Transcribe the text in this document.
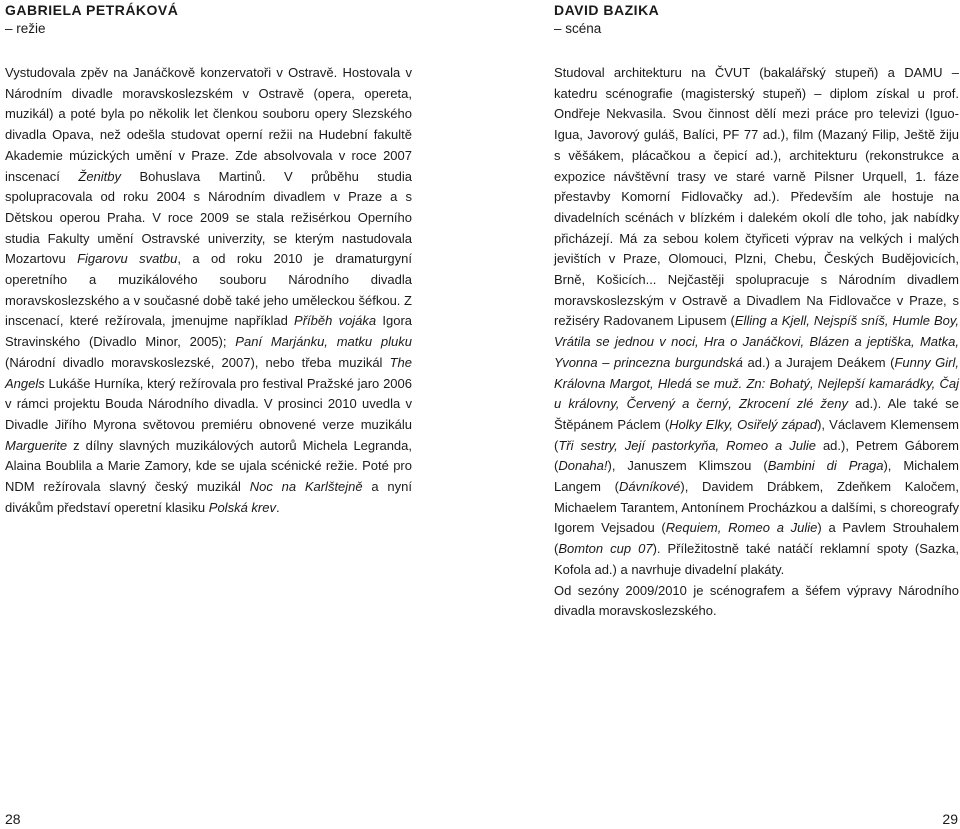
GABRIELA PETRÁKOVÁ

– režie

Vystudovala zpěv na Janáčkově konzervatoři v Ostravě. Hostovala v Národním divadle moravskoslezském v Ostravě (opera, opereta, muzikál) a poté byla po několik let členkou souboru opery Slezského divadla Opava, než odešla studovat operní režii na Hudební fakultě Akademie múzických umění v Praze. Zde absolvovala v roce 2007 inscenací Ženitby Bohuslava Martinů. V průběhu studia spolupracovala od roku 2004 s Národním divadlem v Praze a s Dětskou operou Praha. V roce 2009 se stala režisérkou Operního studia Fakulty umění Ostravské univerzity, se kterým nastudovala Mozartovu Figarovu svatbu, a od roku 2010 je dramaturgyní operetního a muzikálového souboru Národního divadla moravskoslezského a v současné době také jeho uměleckou šéfkou. Z inscenací, které režírovala, jmenujme například Příběh vojáka Igora Stravinského (Divadlo Minor, 2005); Paní Marjánku, matku pluku (Národní divadlo moravskoslezské, 2007), nebo třeba muzikál The Angels Lukáše Hurníka, který režírovala pro festival Pražské jaro 2006 v rámci projektu Bouda Národního divadla. V prosinci 2010 uvedla v Divadle Jiřího Myrona světovou premiéru obnovené verze muzikálu Marguerite z dílny slavných muzikálových autorů Michela Legranda, Alaina Boublila a Marie Zamory, kde se ujala scénické režie. Poté pro NDM režírovala slavný český muzikál Noc na Karlštejně a nyní divákům představí operetní klasiku Polská krev.

DAVID BAZIKA

– scéna

Studoval architekturu na ČVUT (bakalářský stupeň) a DAMU – katedru scénografie (magisterský stupeň) – diplom získal u prof. Ondřeje Nekvasila. Svou činnost dělí mezi práce pro televizi (Iguo-Igua, Javorový guláš, Balíci, PF 77 ad.), film (Mazaný Filip, Ještě žiju s věšákem, plácačkou a čepicí ad.), architekturu (rekonstrukce a expozice návštěvní trasy ve staré varně Pilsner Urquell, 1. fáze přestavby Komorní Fidlovačky ad.). Především ale hostuje na divadelních scénách v blízkém i dalekém okolí dle toho, jak nabídky přicházejí. Má za sebou kolem čtyřiceti výprav na velkých i malých jevištích v Praze, Olomouci, Plzni, Chebu, Českých Budějovicích, Brně, Košicích... Nejčastěji spolupracuje s Národním divadlem moravskoslezským v Ostravě a Divadlem Na Fidlovačce v Praze, s režiséry Radovanem Lipusem (Elling a Kjell, Nejspíš sníš, Humle Boy, Vrátila se jednou v noci, Hra o Janáčkovi, Blázen a jeptiška, Matka, Yvonna – princezna burgundská ad.) a Jurajem Deákem (Funny Girl, Královna Margot, Hledá se muž. Zn: Bohatý, Nejlepší kamarádky, Čaj u královny, Červený a černý, Zkrocení zlé ženy ad.). Ale také se Štěpánem Páclem (Holky Elky, Osiřelý západ), Václavem Klemensem (Tři sestry, Její pastorkyňa, Romeo a Julie ad.), Petrem Gáborem (Donaha!), Januszem Klimszou (Bambini di Praga), Michalem Langem (Dávníkové), Davidem Drábkem, Zdeňkem Kaločem, Michaelem Tarantem, Antonínem Procházkou a dalšími, s choreografy Igorem Vejsadou (Requiem, Romeo a Julie) a Pavlem Strouhalem (Bomton cup 07). Příležitostně také natáčí reklamní spoty (Sazka, Kofola ad.) a navrhuje divadelní plakáty.

Od sezóny 2009/2010 je scénografem a šéfem výpravy Národního divadla moravskoslezského.

28	29
